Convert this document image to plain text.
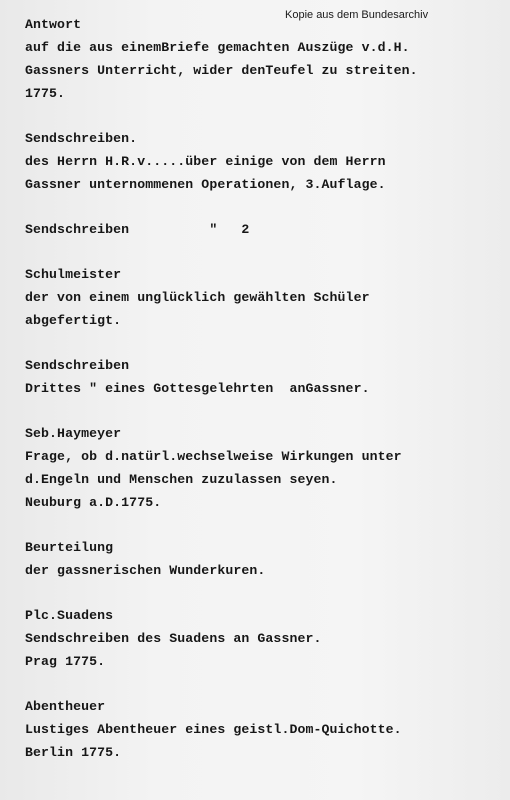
Kopie aus dem Bundesarchiv
Antwort
auf die aus einemBriefe gemachten Auszüge v.d.H.
Gassners Unterricht, wider denTeufel zu streiten.
1775.
Sendschreiben.
des Herrn H.R.v.....über einige von dem Herrn
Gassner unternommenen Operationen, 3.Auflage.
Sendschreiben          "   2
Schulmeister
der von einem unglücklich gewählten Schüler
abgefertigt.
Sendschreiben
Drittes " eines Gottesgelehrten  anGassner.
Seb.Haymeyer
Frage, ob d.natürl.wechselweise Wirkungen unter
d.Engeln und Menschen zuzulassen seyen.
Neuburg a.D.1775.
Beurteilung
der gassnerischen Wunderkuren.
Plc.Suadens
Sendschreiben des Suadens an Gassner.
Prag 1775.
Abentheuer
Lustiges Abentheuer eines geistl.Dom-Quichotte.
Berlin 1775.
